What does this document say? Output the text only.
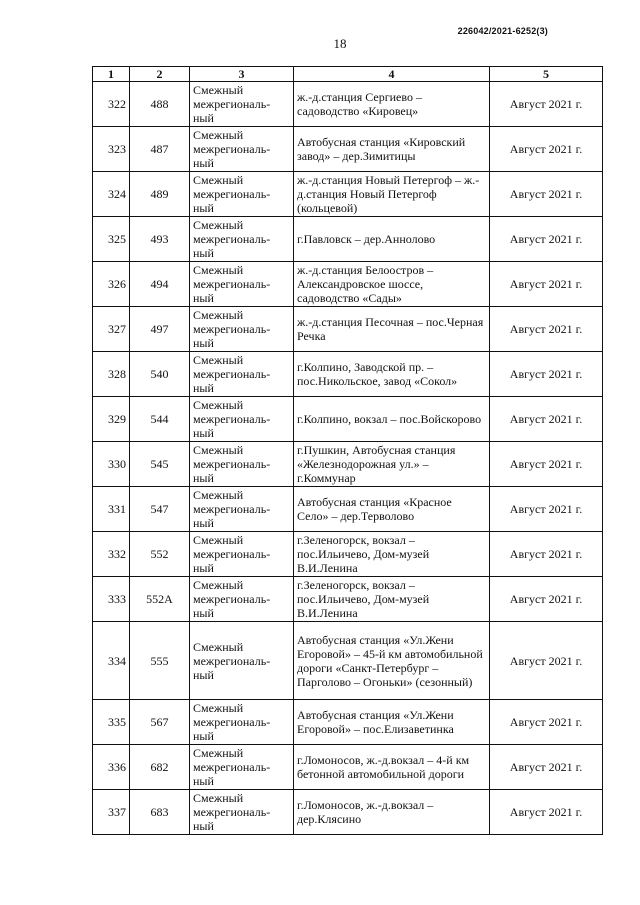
226042/2021-6252(3)
18
1	2	3	4	5
322	488	Смежный
межрегиональ-
ный	ж.-д.станция Сергиево – садоводство «Кировец»	Август 2021 г.
323	487	Смежный
межрегиональ-
ный	Автобусная станция «Кировский завод» – дер.Зимитицы	Август 2021 г.
324	489	Смежный
межрегиональ-
ный	ж.-д.станция Новый Петергоф – ж.-д.станция Новый Петергоф (кольцевой)	Август 2021 г.
325	493	Смежный
межрегиональ-
ный	г.Павловск – дер.Аннолово	Август 2021 г.
326	494	Смежный
межрегиональ-
ный	ж.-д.станция Белоостров – Александровское шоссе, садоводство «Сады»	Август 2021 г.
327	497	Смежный
межрегиональ-
ный	ж.-д.станция Песочная – пос.Черная Речка	Август 2021 г.
328	540	Смежный
межрегиональ-
ный	г.Колпино, Заводской пр. – пос.Никольское, завод «Сокол»	Август 2021 г.
329	544	Смежный
межрегиональ-
ный	г.Колпино, вокзал – пос.Войскорово	Август 2021 г.
330	545	Смежный
межрегиональ-
ный	г.Пушкин, Автобусная станция «Железнодорожная ул.» – г.Коммунар	Август 2021 г.
331	547	Смежный
межрегиональ-
ный	Автобусная станция «Красное Село» – дер.Терволово	Август 2021 г.
332	552	Смежный
межрегиональ-
ный	г.Зеленогорск, вокзал – пос.Ильичево, Дом-музей В.И.Ленина	Август 2021 г.
333	552А	Смежный
межрегиональ-
ный	г.Зеленогорск, вокзал – пос.Ильичево, Дом-музей В.И.Ленина	Август 2021 г.
334	555	Смежный
межрегиональ-
ный	Автобусная станция «Ул.Жени Егоровой» – 45-й км автомобильной дороги «Санкт-Петербург – Парголово – Огоньки» (сезонный)	Август 2021 г.
335	567	Смежный
межрегиональ-
ный	Автобусная станция «Ул.Жени Егоровой» – пос.Елизаветинка	Август 2021 г.
336	682	Смежный
межрегиональ-
ный	г.Ломоносов, ж.-д.вокзал – 4-й км бетонной автомобильной дороги	Август 2021 г.
337	683	Смежный
межрегиональ-
ный	г.Ломоносов, ж.-д.вокзал – дер.Клясино	Август 2021 г.
